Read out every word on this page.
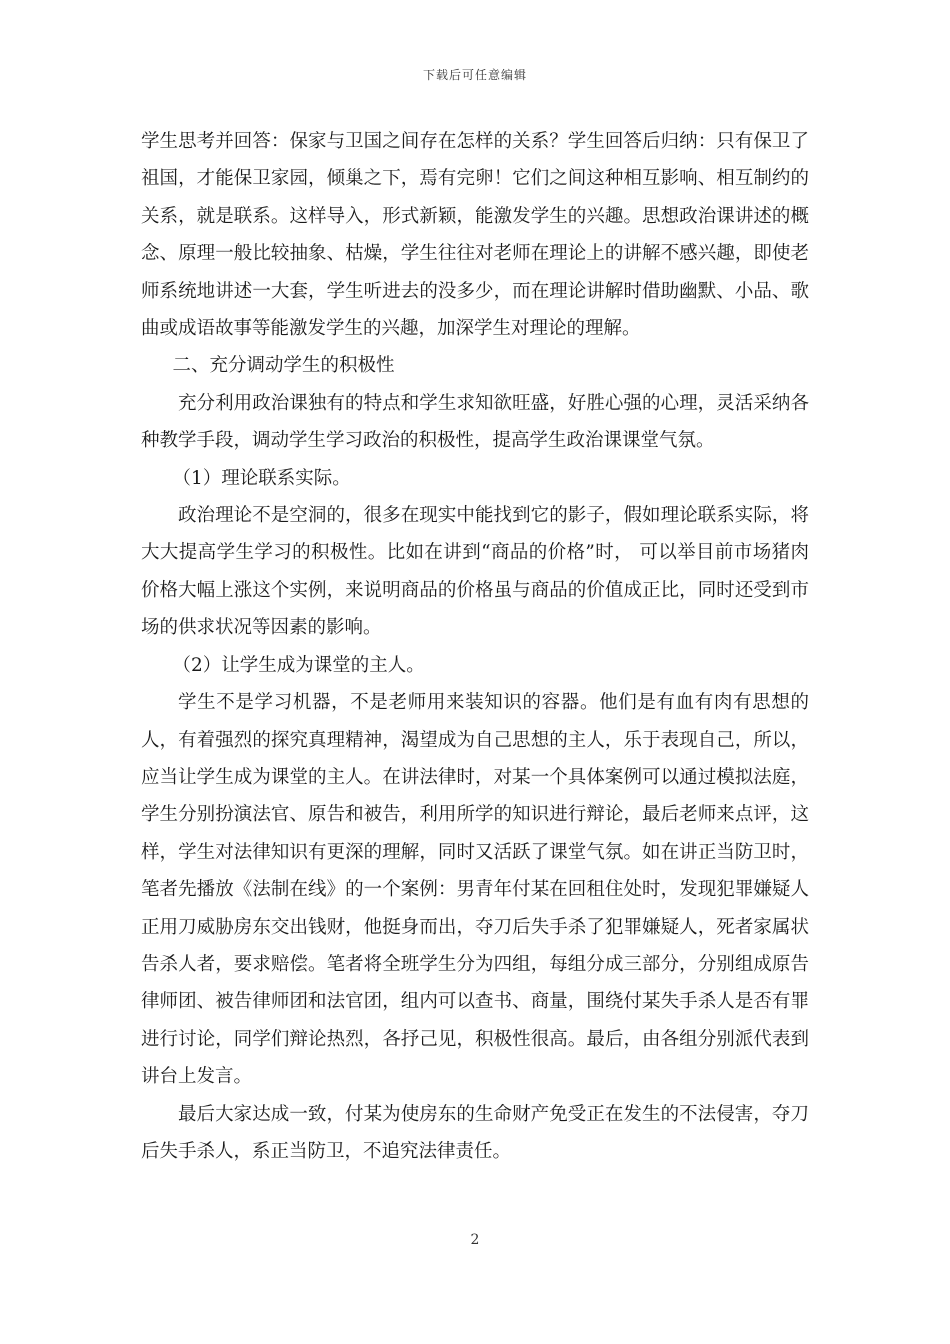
下载后可任意编辑

学生思考并回答：保家与卫国之间存在怎样的关系？学生回答后归纳：只有保卫了祖国，才能保卫家园，倾巢之下，焉有完卵！它们之间这种相互影响、相互制约的关系，就是联系。这样导入，形式新颖，能激发学生的兴趣。思想政治课讲述的概念、原理一般比较抽象、枯燥，学生往往对老师在理论上的讲解不感兴趣，即使老师系统地讲述一大套，学生听进去的没多少，而在理论讲解时借助幽默、小品、歌曲或成语故事等能激发学生的兴趣，加深学生对理论的理解。

二、充分调动学生的积极性

充分利用政治课独有的特点和学生求知欲旺盛，好胜心强的心理，灵活采纳各种教学手段，调动学生学习政治的积极性，提高学生政治课课堂气氛。

（1）理论联系实际。

政治理论不是空洞的，很多在现实中能找到它的影子，假如理论联系实际，将大大提高学生学习的积极性。比如在讲到“商品的价格”时， 可以举目前市场猪肉价格大幅上涨这个实例，来说明商品的价格虽与商品的价值成正比，同时还受到市场的供求状况等因素的影响。

（2）让学生成为课堂的主人。

学生不是学习机器，不是老师用来装知识的容器。他们是有血有肉有思想的人，有着强烈的探究真理精神，渴望成为自己思想的主人，乐于表现自己，所以，应当让学生成为课堂的主人。在讲法律时，对某一个具体案例可以通过模拟法庭，学生分别扮演法官、原告和被告，利用所学的知识进行辩论，最后老师来点评，这样，学生对法律知识有更深的理解，同时又活跃了课堂气氛。如在讲正当防卫时，笔者先播放《法制在线》的一个案例：男青年付某在回租住处时，发现犯罪嫌疑人正用刀威胁房东交出钱财，他挺身而出，夺刀后失手杀了犯罪嫌疑人，死者家属状告杀人者，要求赔偿。笔者将全班学生分为四组，每组分成三部分，分别组成原告律师团、被告律师团和法官团，组内可以查书、商量，围绕付某失手杀人是否有罪进行讨论，同学们辩论热烈，各抒己见，积极性很高。最后，由各组分别派代表到讲台上发言。

最后大家达成一致，付某为使房东的生命财产免受正在发生的不法侵害，夺刀后失手杀人，系正当防卫，不追究法律责任。

2
